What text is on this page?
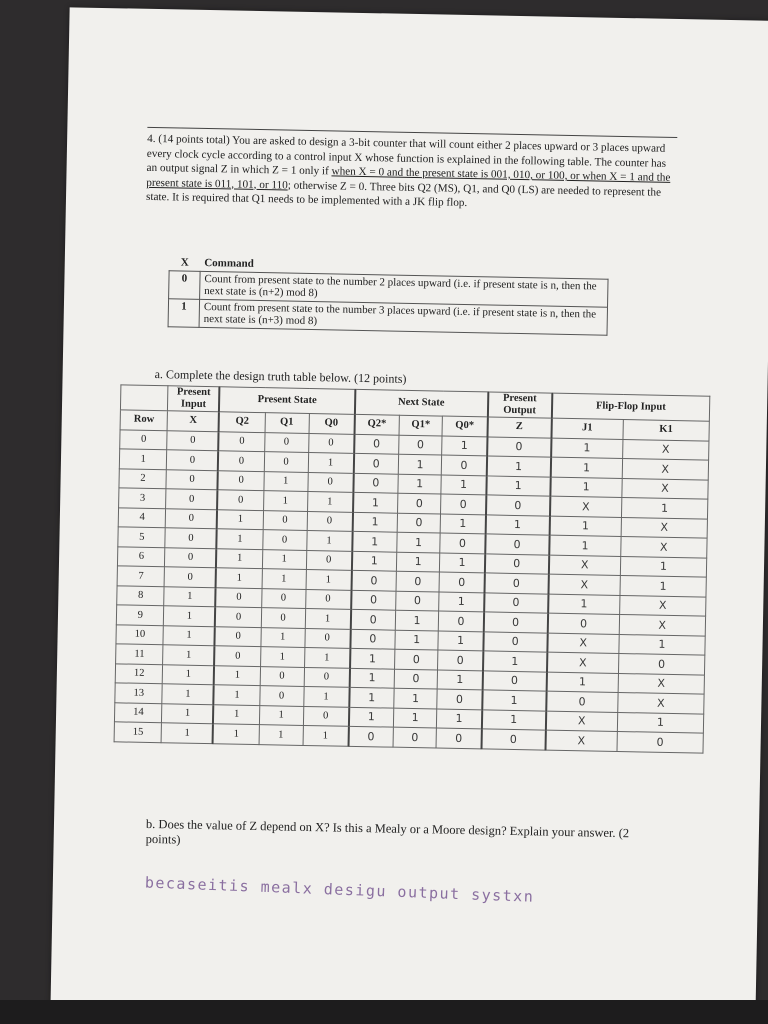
4. (14 points total) You are asked to design a 3-bit counter that will count either 2 places upward or 3 places upward every clock cycle according to a control input X whose function is explained in the following table. The counter has an output signal Z in which Z = 1 only if when X = 0 and the present state is 001, 010, or 100, or when X = 1 and the present state is 011, 101, or 110; otherwise Z = 0. Three bits Q2 (MS), Q1, and Q0 (LS) are needed to represent the state. It is required that Q1 needs to be implemented with a JK flip flop.
X	Command
0	Count from present state to the number 2 places upward (i.e. if present state is n, then the next state is (n+2) mod 8)
1	Count from present state to the number 3 places upward (i.e. if present state is n, then the next state is (n+3) mod 8)
a. Complete the design truth table below. (12 points)
	Present Input	Present State			Next State			Present Output	Flip-Flop Input	
Row	X	Q2	Q1	Q0	Q2*	Q1*	Q0*	Z	J1	K1
0	0	0	0	0	0	0	1	0	1	X
1	0	0	0	1	0	1	0	1	1	X
2	0	0	1	0	0	1	1	1	1	X
3	0	0	1	1	1	0	0	0	X	1
4	0	1	0	0	1	0	1	1	1	X
5	0	1	0	1	1	1	0	0	1	X
6	0	1	1	0	1	1	1	0	X	1
7	0	1	1	1	0	0	0	0	X	1
8	1	0	0	0	0	0	1	0	1	X
9	1	0	0	1	0	1	0	0	0	X
10	1	0	1	0	0	1	1	0	X	1
11	1	0	1	1	1	0	0	1	X	0
12	1	1	0	0	1	0	1	0	1	X
13	1	1	0	1	1	1	0	1	0	X
14	1	1	1	0	1	1	1	1	X	1
15	1	1	1	1	0	0	0	0	X	0
b. Does the value of Z depend on X? Is this a Mealy or a Moore design? Explain your answer. (2 points)
becaseitis mealx desigu output systxn
